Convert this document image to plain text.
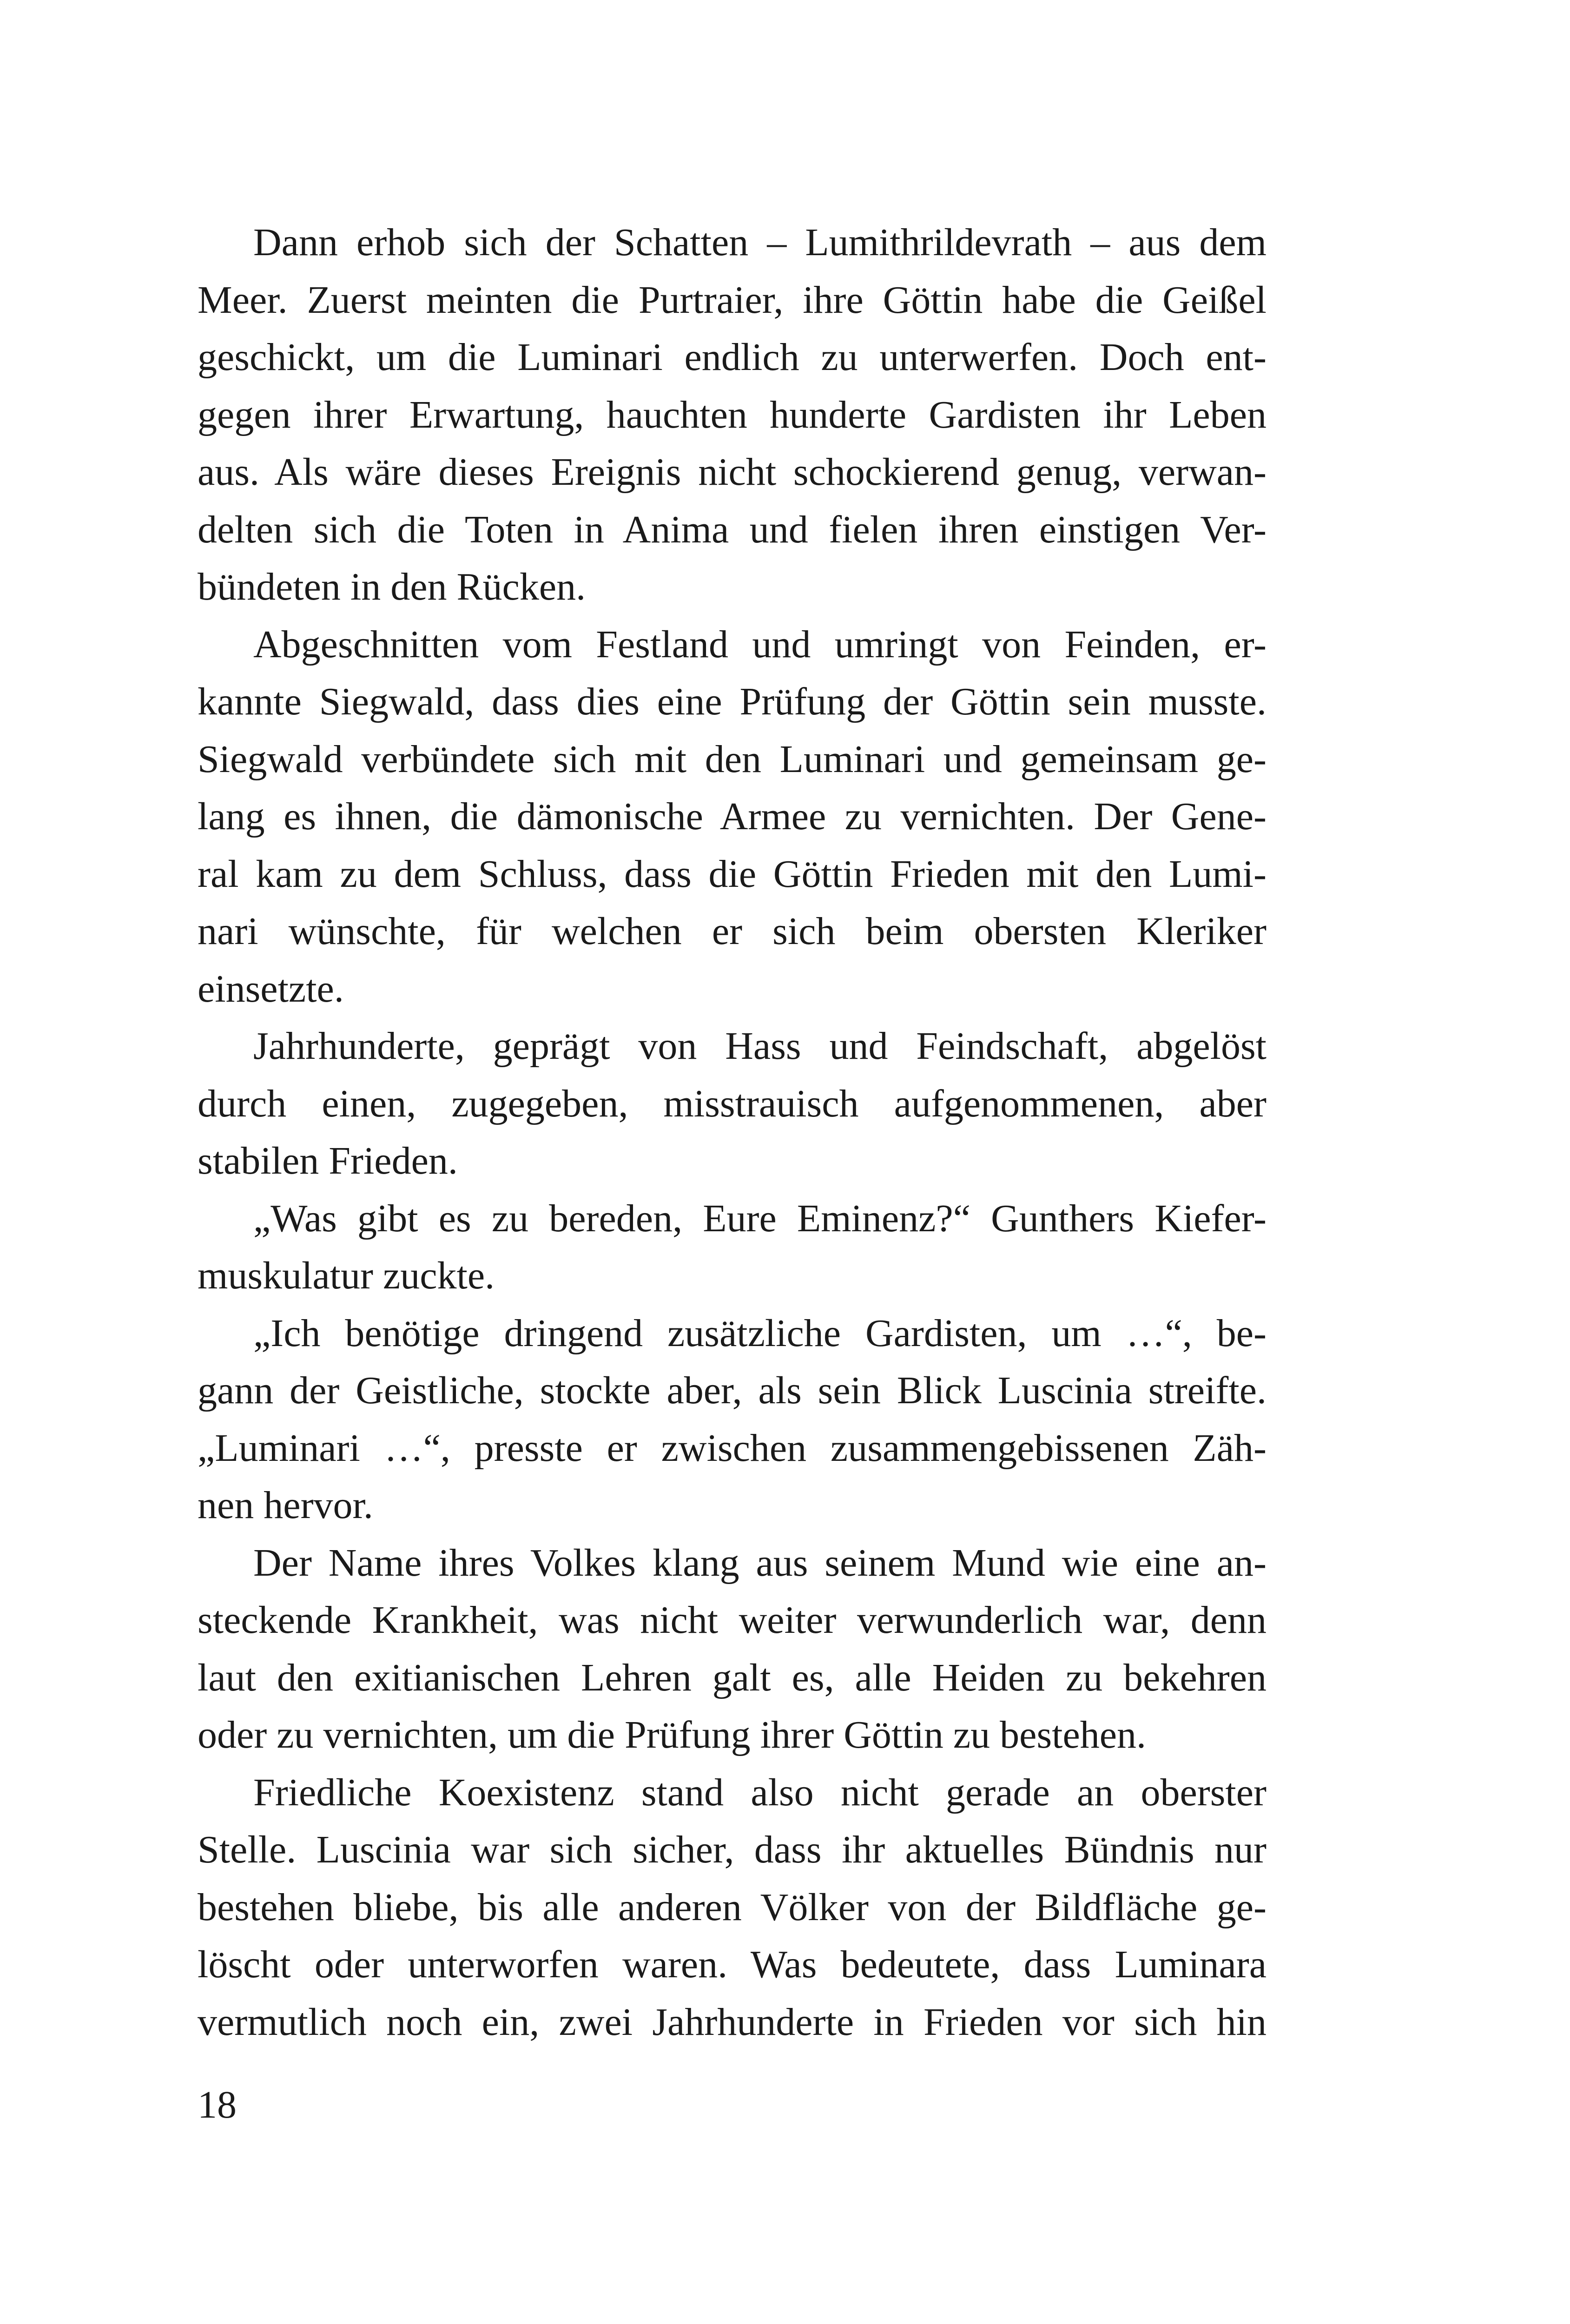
Dann erhob sich der Schatten – Lumithrildevrath – aus dem
Meer. Zuerst meinten die Purtraier, ihre Göttin habe die Geißel
geschickt, um die Luminari endlich zu unterwerfen. Doch ent-
gegen ihrer Erwartung, hauchten hunderte Gardisten ihr Leben
aus. Als wäre dieses Ereignis nicht schockierend genug, verwan-
delten sich die Toten in Anima und fielen ihren einstigen Ver-
bündeten in den Rücken.
Abgeschnitten vom Festland und umringt von Feinden, er-
kannte Siegwald, dass dies eine Prüfung der Göttin sein musste.
Siegwald verbündete sich mit den Luminari und gemeinsam ge-
lang es ihnen, die dämonische Armee zu vernichten. Der Gene-
ral kam zu dem Schluss, dass die Göttin Frieden mit den Lumi-
nari wünschte, für welchen er sich beim obersten Kleriker
einsetzte.
Jahrhunderte, geprägt von Hass und Feindschaft, abgelöst
durch einen, zugegeben, misstrauisch aufgenommenen, aber
stabilen Frieden.
„Was gibt es zu bereden, Eure Eminenz?“ Gunthers Kiefer-
muskulatur zuckte.
„Ich benötige dringend zusätzliche Gardisten, um …“, be-
gann der Geistliche, stockte aber, als sein Blick Luscinia streifte.
„Luminari …“, presste er zwischen zusammengebissenen Zäh-
nen hervor.
Der Name ihres Volkes klang aus seinem Mund wie eine an-
steckende Krankheit, was nicht weiter verwunderlich war, denn
laut den exitianischen Lehren galt es, alle Heiden zu bekehren
oder zu vernichten, um die Prüfung ihrer Göttin zu bestehen.
Friedliche Koexistenz stand also nicht gerade an oberster
Stelle. Luscinia war sich sicher, dass ihr aktuelles Bündnis nur
bestehen bliebe, bis alle anderen Völker von der Bildfläche ge-
löscht oder unterworfen waren. Was bedeutete, dass Luminara
vermutlich noch ein, zwei Jahrhunderte in Frieden vor sich hin
18
